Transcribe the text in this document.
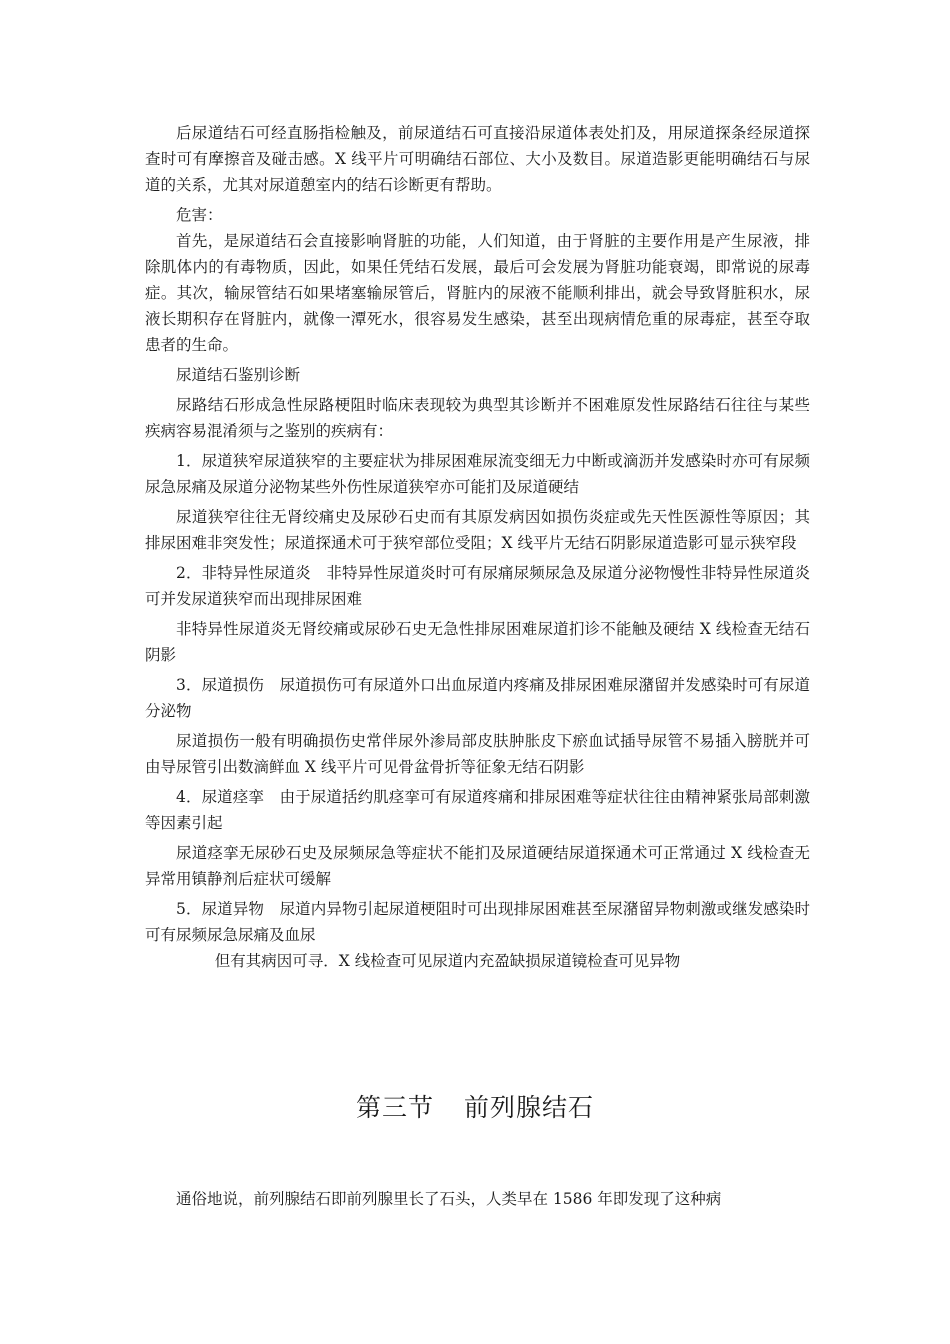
后尿道结石可经直肠指检触及，前尿道结石可直接沿尿道体表处扪及，用尿道探条经尿道探查时可有摩擦音及碰击感。X 线平片可明确结石部位、大小及数目。尿道造影更能明确结石与尿道的关系，尤其对尿道憩室内的结石诊断更有帮助。

危害：

首先，是尿道结石会直接影响肾脏的功能，人们知道，由于肾脏的主要作用是产生尿液，排除肌体内的有毒物质，因此，如果任凭结石发展，最后可会发展为肾脏功能衰竭，即常说的尿毒症。其次，输尿管结石如果堵塞输尿管后，肾脏内的尿液不能顺利排出，就会导致肾脏积水，尿液长期积存在肾脏内，就像一潭死水，很容易发生感染，甚至出现病情危重的尿毒症，甚至夺取患者的生命。

尿道结石鉴别诊断

尿路结石形成急性尿路梗阻时临床表现较为典型其诊断并不困难原发性尿路结石往往与某些疾病容易混淆须与之鉴别的疾病有：

1．尿道狭窄尿道狭窄的主要症状为排尿困难尿流变细无力中断或滴沥并发感染时亦可有尿频尿急尿痛及尿道分泌物某些外伤性尿道狭窄亦可能扪及尿道硬结

尿道狭窄往往无肾绞痛史及尿砂石史而有其原发病因如损伤炎症或先天性医源性等原因；其排尿困难非突发性；尿道探通术可于狭窄部位受阻；X 线平片无结石阴影尿道造影可显示狭窄段

2．非特异性尿道炎　非特异性尿道炎时可有尿痛尿频尿急及尿道分泌物慢性非特异性尿道炎可并发尿道狭窄而出现排尿困难

非特异性尿道炎无肾绞痛或尿砂石史无急性排尿困难尿道扪诊不能触及硬结 X 线检查无结石阴影

3．尿道损伤　尿道损伤可有尿道外口出血尿道内疼痛及排尿困难尿潴留并发感染时可有尿道分泌物

尿道损伤一般有明确损伤史常伴尿外渗局部皮肤肿胀皮下瘀血试插导尿管不易插入膀胱并可由导尿管引出数滴鲜血 X 线平片可见骨盆骨折等征象无结石阴影

4．尿道痉挛　由于尿道括约肌痉挛可有尿道疼痛和排尿困难等症状往往由精神紧张局部刺激等因素引起

尿道痉挛无尿砂石史及尿频尿急等症状不能扪及尿道硬结尿道探通术可正常通过 X 线检查无异常用镇静剂后症状可缓解

5．尿道异物　尿道内异物引起尿道梗阻时可出现排尿困难甚至尿潴留异物刺激或继发感染时可有尿频尿急尿痛及血尿

但有其病因可寻．X 线检查可见尿道内充盈缺损尿道镜检查可见异物

第三节 前列腺结石

通俗地说，前列腺结石即前列腺里长了石头，人类早在 1586 年即发现了这种病
